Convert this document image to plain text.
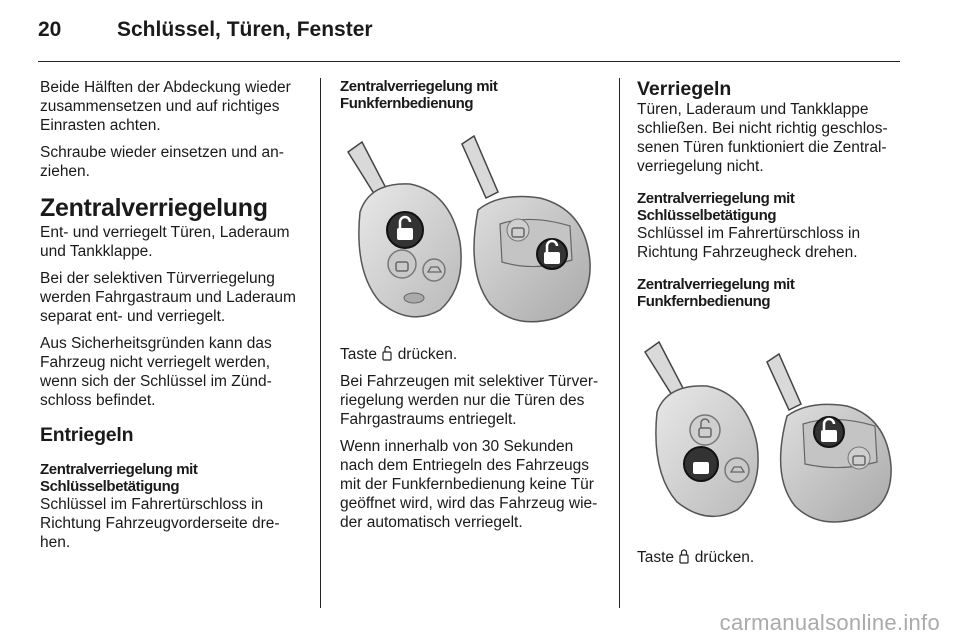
20	Schlüssel, Türen, Fenster

Beide Hälften der Abdeckung wieder zusammensetzen und auf richtiges Einrasten achten.

Schraube wieder einsetzen und an-ziehen.

Zentralverriegelung

Ent- und verriegelt Türen, Laderaum und Tankklappe.

Bei der selektiven Türverriegelung werden Fahrgastraum und Laderaum separat ent- und verriegelt.

Aus Sicherheitsgründen kann das Fahrzeug nicht verriegelt werden, wenn sich der Schlüssel im Zünd-schloss befindet.

Entriegeln
Zentralverriegelung mit Schlüsselbetätigung

Schlüssel im Fahrertürschloss in Richtung Fahrzeugvorderseite dre-hen.

Zentralverriegelung mit Funkfernbedienung

Taste drücken.

Bei Fahrzeugen mit selektiver Türver-riegelung werden nur die Türen des Fahrgastraums entriegelt.

Wenn innerhalb von 30 Sekunden nach dem Entriegeln des Fahrzeugs mit der Funkfernbedienung keine Tür geöffnet wird, wird das Fahrzeug wie-der automatisch verriegelt.

Verriegeln

Türen, Laderaum und Tankklappe schließen. Bei nicht richtig geschlos-senen Türen funktioniert die Zentral-verriegelung nicht.

Zentralverriegelung mit Schlüsselbetätigung

Schlüssel im Fahrertürschloss in Richtung Fahrzeugheck drehen.

Zentralverriegelung mit Funkfernbedienung

Taste drücken.

carmanualsonline.info
